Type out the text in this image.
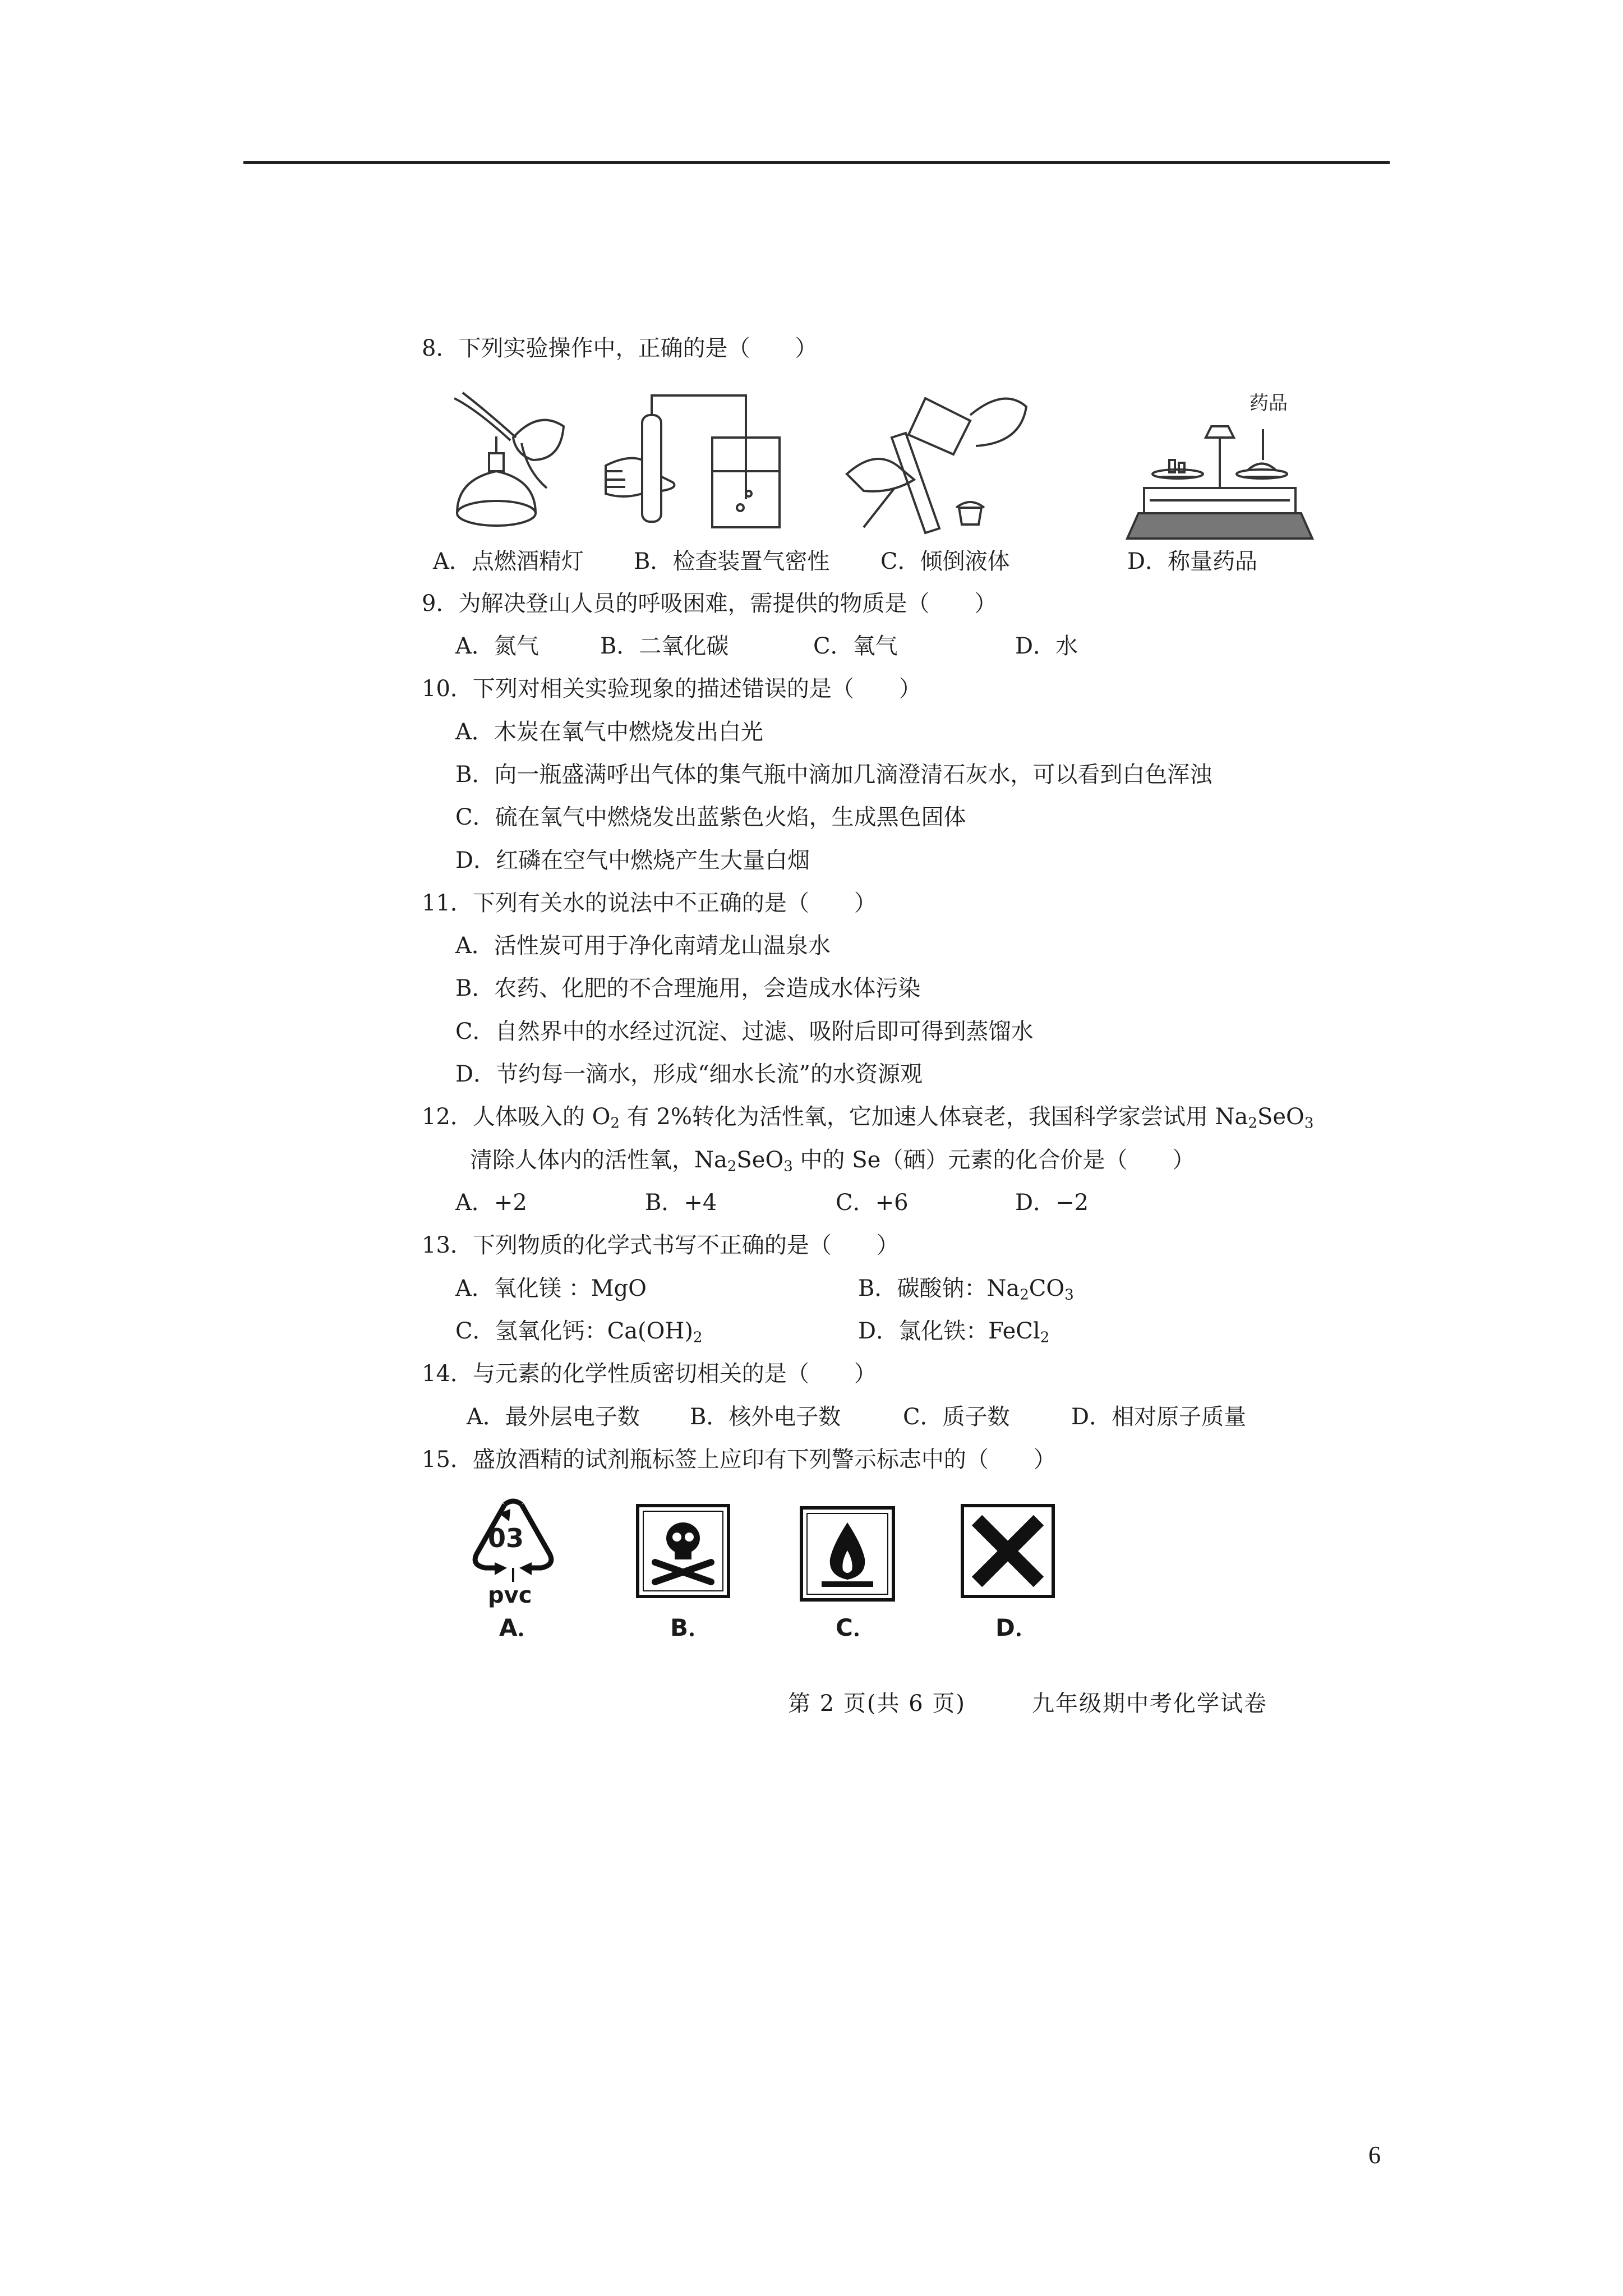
8．下列实验操作中，正确的是（　　）
药品
A．点燃酒精灯 B．检查装置气密性 C．倾倒液体	D．称量药品
9．为解决登山人员的呼吸困难，需提供的物质是（　　）
A．氮气	B．二氧化碳	C．氧气	D．水
10．下列对相关实验现象的描述错误的是（　　）
A．木炭在氧气中燃烧发出白光
B．向一瓶盛满呼出气体的集气瓶中滴加几滴澄清石灰水，可以看到白色浑浊
C．硫在氧气中燃烧发出蓝紫色火焰，生成黑色固体
D．红磷在空气中燃烧产生大量白烟
11．下列有关水的说法中不正确的是（　　）
A．活性炭可用于净化南靖龙山温泉水
B．农药、化肥的不合理施用，会造成水体污染
C．自然界中的水经过沉淀、过滤、吸附后即可得到蒸馏水
D．节约每一滴水，形成“细水长流”的水资源观
12．人体吸入的 $O_2$ 有 2%转化为活性氧，它加速人体衰老，我国科学家尝试用 $Na_2SeO_3$
清除人体内的活性氧，$Na_2SeO_3$ 中的 Se（硒）元素的化合价是（　　）
A．+2	B．+4	C．+6	D．−2
13．下列物质的化学式书写不正确的是（　　）
A．氧化镁 ：MgO	B．碳酸钠：$Na_2CO_3$
C．氢氧化钙：$Ca(OH)_2$	D．氯化铁：FeCl$_2$
14．与元素的化学性质密切相关的是（　　）
A．最外层电子数 B．核外电子数	C．质子数	D．相对原子质量
15．盛放酒精的试剂瓶标签上应印有下列警示标志中的（　　）
03
pvc
A．	B．	C．	D．
第 2 页(共 6 页)	九年级期中考化学试卷
6
